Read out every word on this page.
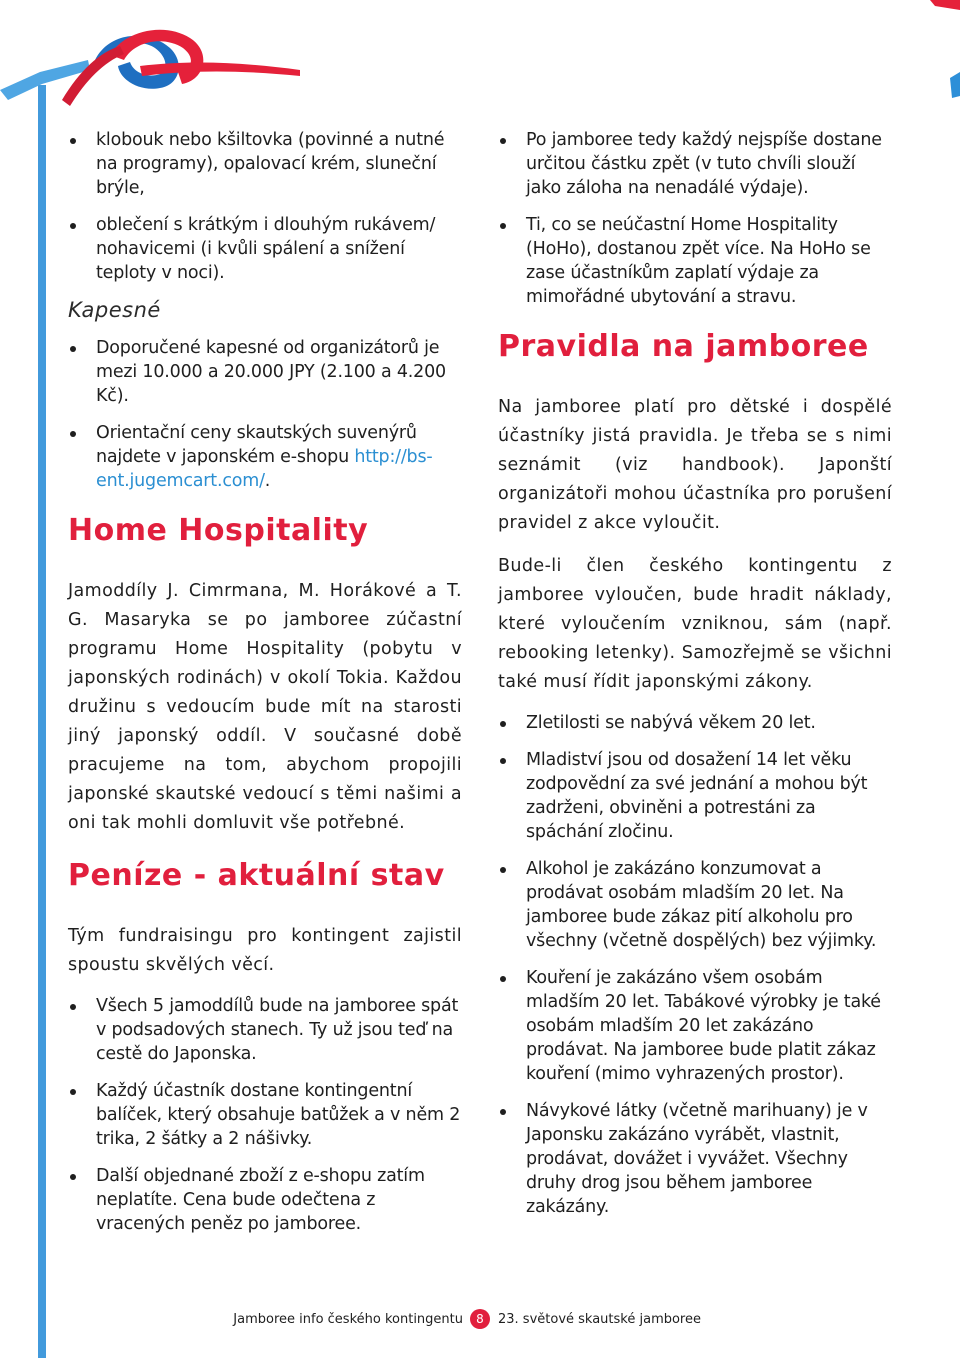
klobouk nebo kšiltovka (povinné a nutné na programy), opalovací krém, sluneční brýle,
oblečení s krátkým i dlouhým rukávem/ nohavicemi (i kvůli spálení a snížení teploty v noci).
Kapesné
Doporučené kapesné od organizátorů je mezi 10.000 a 20.000 JPY (2.100 a 4.200 Kč).
Orientační ceny skautských suvenýrů najdete v japonském e-shopu http://bs-ent.jugemcart.com/.
Home Hospitality

Jamoddíly J. Cimrmana, M. Horákové a T. G. Masaryka se po jamboree zúčastní programu Home Hospitality (pobytu v japonských rodinách) v okolí Tokia. Každou družinu s vedoucím bude mít na starosti jiný japonský oddíl. V současné době pracujeme na tom, abychom propojili japonské skautské vedoucí s těmi našimi a oni tak mohli domluvit vše potřebné.

Peníze - aktuální stav

Tým fundraisingu pro kontingent zajistil spoustu skvělých věcí.

Všech 5 jamoddílů bude na jamboree spát v podsadových stanech. Ty už jsou teď na cestě do Japonska.
Každý účastník dostane kontingentní balíček, který obsahuje batůžek a v něm 2 trika, 2 šátky a 2 nášivky.
Další objednané zboží z e-shopu zatím neplatíte. Cena bude odečtena z vracených peněz po jamboree.
Po jamboree tedy každý nejspíše dostane určitou částku zpět (v tuto chvíli slouží jako záloha na nenadálé výdaje).
Ti, co se neúčastní Home Hospitality (HoHo), dostanou zpět více. Na HoHo se zase účastníkům zaplatí výdaje za mimořádné ubytování a stravu.
Pravidla na jamboree

Na jamboree platí pro dětské i dospělé účastníky jistá pravidla. Je třeba se s nimi seznámit (viz handbook). Japonští organizátoři mohou účastníka pro porušení pravidel z akce vyloučit.

Bude-li člen českého kontingentu z jamboree vyloučen, bude hradit náklady, které vyloučením vzniknou, sám (např. rebooking letenky). Samozřejmě se všichni také musí řídit japonskými zákony.

Zletilosti se nabývá věkem 20 let.
Mladiství jsou od dosažení 14 let věku zodpovědní za své jednání a mohou být zadrženi, obviněni a potrestáni za spáchání zločinu.
Alkohol je zakázáno konzumovat a prodávat osobám mladším 20 let. Na jamboree bude zákaz pití alkoholu pro všechny (včetně dospělých) bez výjimky.
Kouření je zakázáno všem osobám mladším 20 let. Tabákové výrobky je také osobám mladším 20 let zakázáno prodávat. Na jamboree bude platit zákaz kouření (mimo vyhrazených prostor).
Návykové látky (včetně marihuany) je v Japonsku zakázáno vyrábět, vlastnit, prodávat, dovážet i vyvážet. Všechny druhy drog jsou během jamboree zakázány.
Jamboree info českého kontingentu	8	23. světové skautské jamboree
